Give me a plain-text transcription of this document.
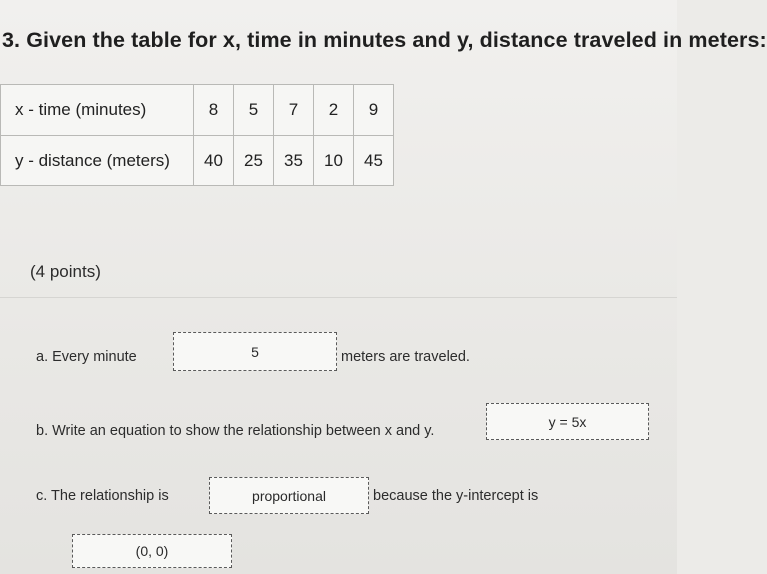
3. Given the table for x, time in minutes and y, distance traveled in meters:
x - time (minutes)	8	5	7	2	9
y - distance (meters)	40	25	35	10	45
(4 points)
a. Every minute	5	meters are traveled.
b. Write an equation to show the relationship between x and y.
y = 5x
c. The relationship is	proportional	because the y-intercept is
(0, 0)
